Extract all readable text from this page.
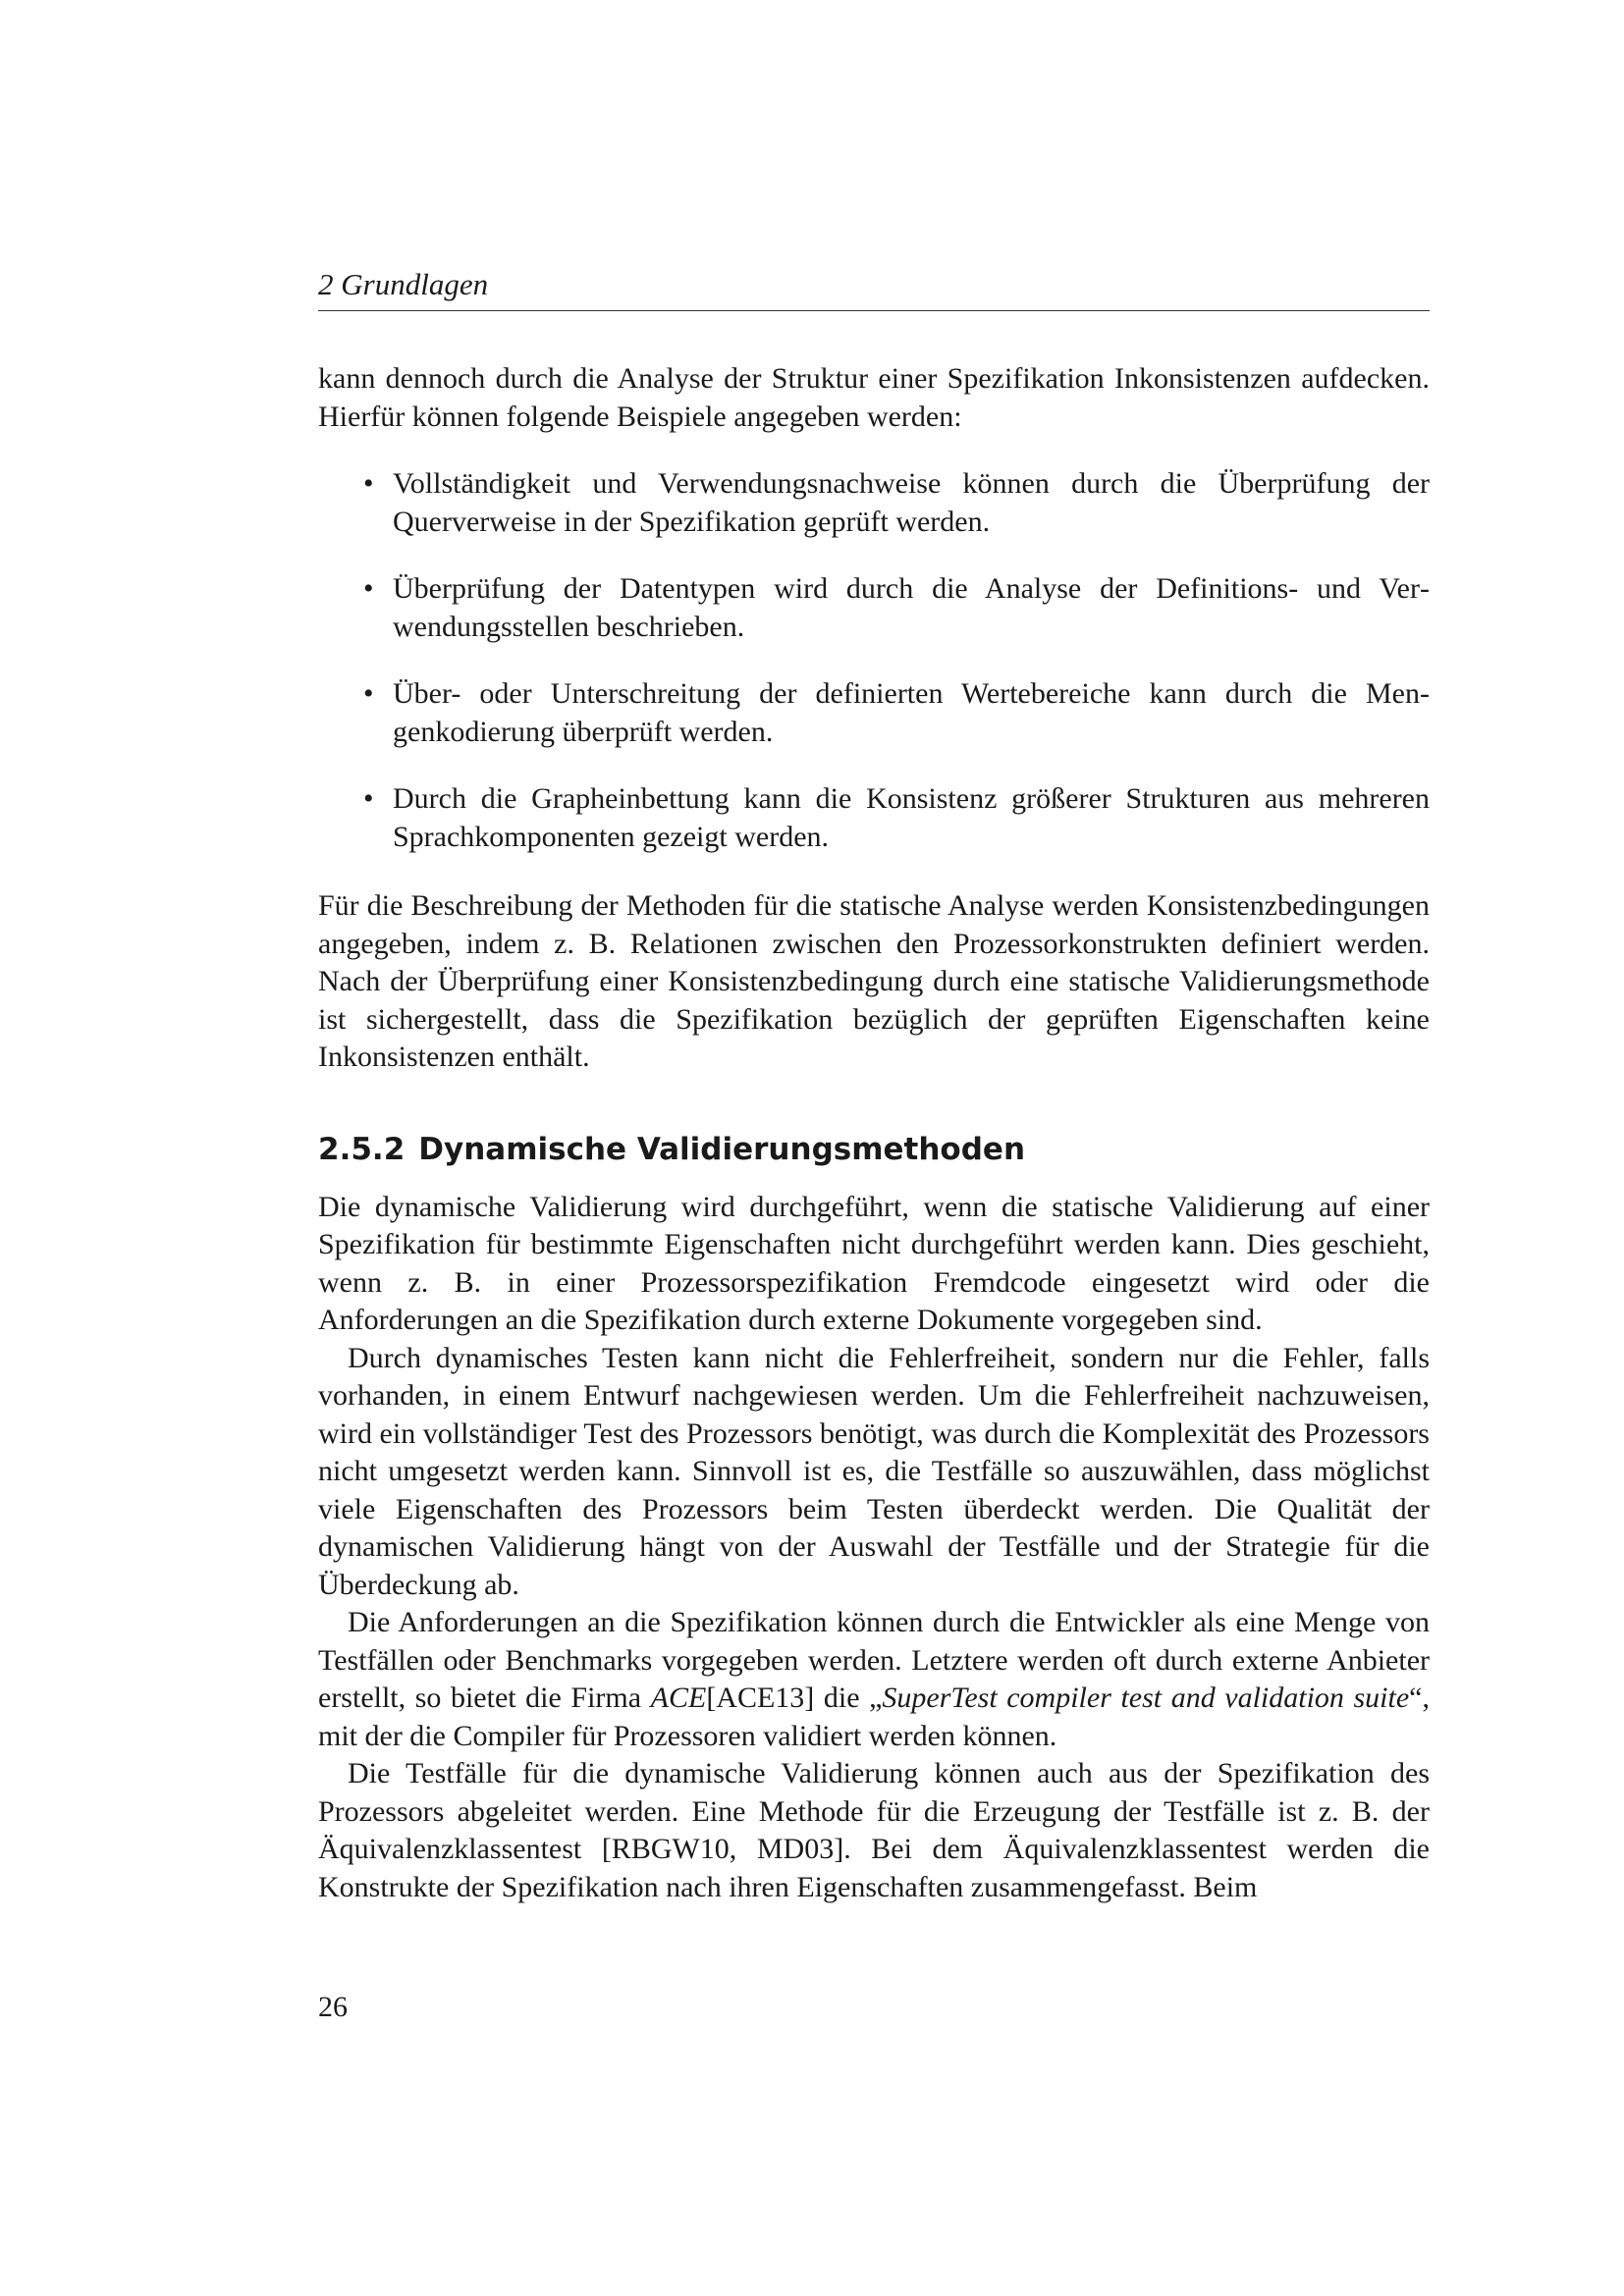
2 Grundlagen

kann dennoch durch die Analyse der Struktur einer Spezifikation Inkonsistenzen aufdecken. Hierfür können folgende Beispiele angegeben werden:

• Vollständigkeit und Verwendungsnachweise können durch die Überprüfung der Querverweise in der Spezifikation geprüft werden.
• Überprüfung der Datentypen wird durch die Analyse der Definitions- und Verwendungsstellen beschrieben.
• Über- oder Unterschreitung der definierten Wertebereiche kann durch die Mengenkodierung überprüft werden.
• Durch die Grapheinbettung kann die Konsistenz größerer Strukturen aus mehreren Sprachkomponenten gezeigt werden.

Für die Beschreibung der Methoden für die statische Analyse werden Konsistenzbedingungen angegeben, indem z. B. Relationen zwischen den Prozessorkonstrukten definiert werden. Nach der Überprüfung einer Konsistenzbedingung durch eine statische Validierungsmethode ist sichergestellt, dass die Spezifikation bezüglich der geprüften Eigenschaften keine Inkonsistenzen enthält.

2.5.2 Dynamische Validierungsmethoden

Die dynamische Validierung wird durchgeführt, wenn die statische Validierung auf einer Spezifikation für bestimmte Eigenschaften nicht durchgeführt werden kann. Dies geschieht, wenn z. B. in einer Prozessorspezifikation Fremdcode eingesetzt wird oder die Anforderungen an die Spezifikation durch externe Dokumente vorgegeben sind.

Durch dynamisches Testen kann nicht die Fehlerfreiheit, sondern nur die Fehler, falls vorhanden, in einem Entwurf nachgewiesen werden. Um die Fehlerfreiheit nachzuweisen, wird ein vollständiger Test des Prozessors benötigt, was durch die Komplexität des Prozessors nicht umgesetzt werden kann. Sinnvoll ist es, die Testfälle so auszuwählen, dass möglichst viele Eigenschaften des Prozessors beim Testen überdeckt werden. Die Qualität der dynamischen Validierung hängt von der Auswahl der Testfälle und der Strategie für die Überdeckung ab.

Die Anforderungen an die Spezifikation können durch die Entwickler als eine Menge von Testfällen oder Benchmarks vorgegeben werden. Letztere werden oft durch externe Anbieter erstellt, so bietet die Firma ACE[ACE13] die „SuperTest compiler test and validation suite“, mit der die Compiler für Prozessoren validiert werden können.

Die Testfälle für die dynamische Validierung können auch aus der Spezifikation des Prozessors abgeleitet werden. Eine Methode für die Erzeugung der Testfälle ist z. B. der Äquivalenzklassentest [RBGW10, MD03]. Bei dem Äquivalenzklassentest werden die Konstrukte der Spezifikation nach ihren Eigenschaften zusammengefasst. Beim

26
